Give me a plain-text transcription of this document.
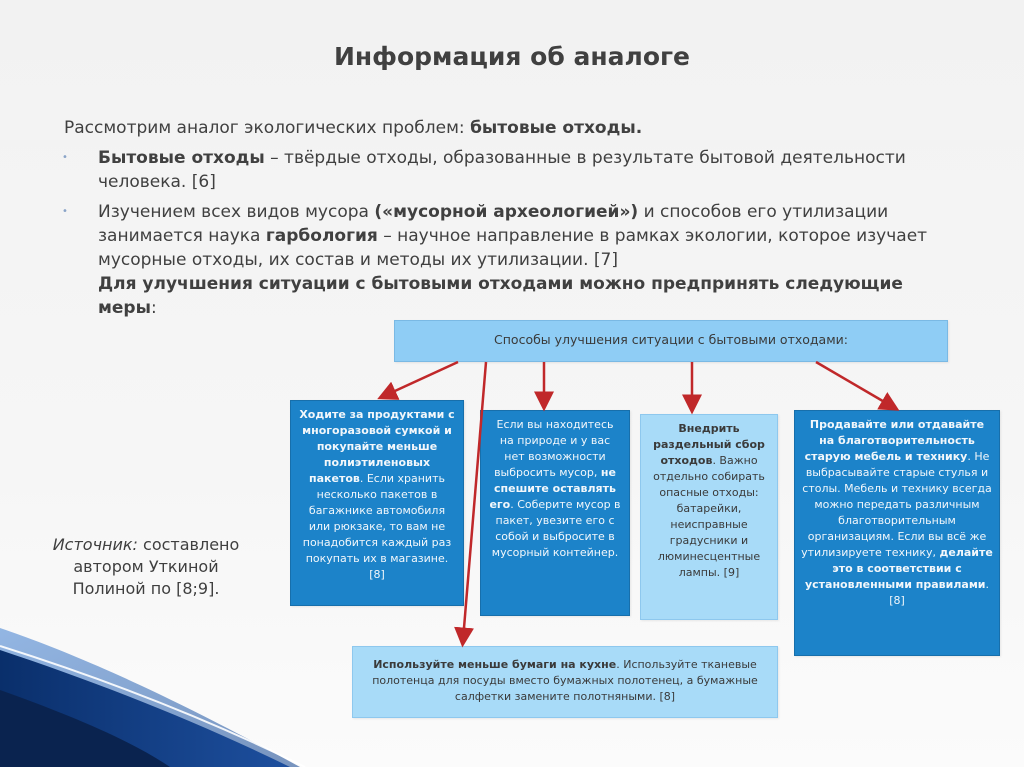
Информация об аналоге
Рассмотрим аналог экологических проблем: бытовые отходы.
• Бытовые отходы – твёрдые отходы, образованные в результате бытовой деятельности человека. [6]
• Изучением всех видов мусора («мусорной археологией») и способов его утилизации занимается наука гарбология – научное направление в рамках экологии, которое изучает мусорные отходы, их состав и методы их утилизации. [7]
Для улучшения ситуации с бытовыми отходами можно предпринять следующие меры:
Источник: составлено автором Уткиной Полиной по [8;9].
Способы улучшения ситуации с бытовыми отходами:
Ходите за продуктами с многоразовой сумкой и покупайте меньше полиэтиленовых пакетов. Если хранить несколько пакетов в багажнике автомобиля или рюкзаке, то вам не понадобится каждый раз покупать их в магазине. [8]
Если вы находитесь на природе и у вас нет возможности выбросить мусор, не спешите оставлять его. Соберите мусор в пакет, увезите его с собой и выбросите в мусорный контейнер.
Внедрить раздельный сбор отходов. Важно отдельно собирать опасные отходы: батарейки, неисправные градусники и люминесцентные лампы. [9]
Продавайте или отдавайте на благотворительность старую мебель и технику. Не выбрасывайте старые стулья и столы. Мебель и технику всегда можно передать различным благотворительным организациям. Если вы всё же утилизируете технику, делайте это в соответствии с установленными правилами. [8]
Используйте меньше бумаги на кухне. Используйте тканевые полотенца для посуды вместо бумажных полотенец, а бумажные салфетки замените полотняными. [8]
